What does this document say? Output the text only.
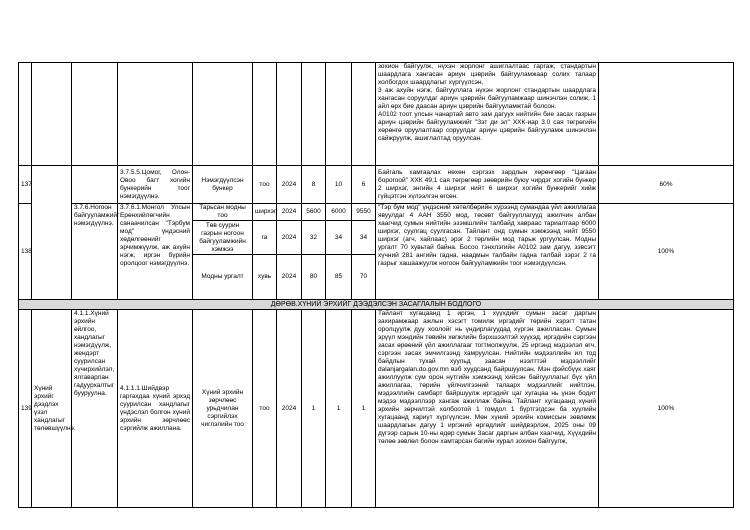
										зохион байгуулж, нүхэн жорлонг ашиглалтаас гаргаж, стандартын шаардлага хангасан ариун цэврийн байгууламжаар солих талаар холбогдох шаардлагыг хүргүүлсэн.
3 аж ахуйн нэгж, байгууллага нүхэн жорлонг стандартын шаардлага хангасан соруулдаг ариун цэврийн байгууламжаар шинэчлэн солиж, 1 айл өрх бие даасан ариун цэврийн байгууламжтай болсон.
А0102 тоот улсын чанартай авто зам дагуух нийтийн бие засах газрын ариун цэврийн байгууламжийг "Зэт ди эл" ХХК-иар 3.0 сая төгрөгийн хөрөнгө оруулалтаар соруулдаг ариун цэврийн байгууламж шинэчлэн сайжруулж, ашиглалтад оруулсан.	
137			3.7.5.5.Цомог, Олон-Овоо багт хогийн бункерийн тоог нэмэгдүүлнэ.	Нэмэгдүүлсэн бункер	тоо	2024	8	10	6	Байгаль хамгаалах нөхөн сэргээх зардлын хөрөнгөөр "Цагаан борогоой" ХХК 49,1 сая төгрөгөөр зөөврийн буюу чирдэг хогийн бункер 2 ширхэг, энгийн 4 ширхэг нийт 6 ширхэг хогийн бункерийг хийж гүйцэтгэн хүлээлгэн өгсөн.	60%
138		3.7.6.Ногоон байгууламжийг нэмэгдүүлнэ.	3.7.6.1.Монгол Улсын Ерөнхийлөгчийн санаачилсан "Тэрбум мод" үндэсний хөдөлгөөнийг эрчимжүүлж, аж ахуйн нэгж, иргэн бүрийн оролцоог нэмэгдүүлнэ.	Тарьсан модны тоо	ширхэг	2024	5600	6000	9550	"Тэр бум мод" үндэсний хөтөлбөрийн хүрээнд сумандаа үйл ажиллагаа явуулдаг 4 ААН 3550 мод, төсөвт байгууллагууд ажилчин албан хаагчид сумын нийтийн эзэмшлийн талбайд хавраас тариалтаар 6000 ширхэг, суулгац суулгасан. Тайлант онд сумын хэмжээнд нийт 9550 ширхэг (агч, хайлаас) эрэг 2 төрлийн мод тарьж ургуулсан. Модны ургалт 70 хувьтай байна. Босоо тэнхлэгийн А0102 зам дагуу, зэвсэгт хүчний 281 ангийн гадна, наадмын талбайн гадна талбай зэрэг 2 га газрыг хашаажуулж ногоон байгууламжийн тоог нэмэгдүүлсэн.	100%
				Төв суурин газрын ногоон байгууламжийн хэмжээ	га	2024	32	34	34		
				Модны ургалт	хувь	2024	80	85	70		
ДӨРӨВ.ХҮНИЙ ЭРХИЙГ ДЭЭДЭЛСЭН ЗАСАГЛАЛЫН БОДЛОГО											
139	Хүний эрхийг дээдлэх үзэл хандлагыг төлөвшүүлнэ.	4.1.1.Хүний эрхийн өйлгоо, хандлагыг нэмэгдүүлж, жендэрт суурилсан хүчирхийлэл, ялгаварлан гадуурхалтыг бууруулна.	4.1.1.1.Шийдвэр гаргахдаа хүний эрхэд суурилсан хандлагыг үндэслэл болгон хүний эрхийн зөрчлөөс сэргийлж ажиллана.	Хүний эрхийн зөрчлөөс урьдчилан сэргийлэх чиглэлийн тоо	тоо	2024	1	1	1	Тайлант хугацаанд 1 иргэн, 1 хүүхдийг сумын засаг даргын захирамжаар ажлын хэсэгт томилж иргэдийг төрийн хэрэгт татан оролцуулж дуу хоолойг нь үндирлагуудад хүргэн ажилласан. Сумын эрүүл мэндийн төвийн хөгжлийн бэрхшээлтэй хүүхэд, иргэдийн сэргээн засах өрөөний үйл ажиллагааг тогтмолжуулж, 25 иргэнд мэдээлэл өгч, сэргээн засах эмчилгээнд хамруулсан. Нийтийн мэдээллийн ил тод байдлын тухай хуульд заасан нээлттэй мэдээллийг dalanjargalan.do.gov.mn вэб хуудсанд байршуулсан. Мэн фэйсбүүк хаяг ажиллуулж сум орон нутгийн хэмжээнд хийсэн байгууллагыг бүх үйл ажиллагаа, төрийн үйлчилгээний талаарх мэдээллийг нийтлэн, мэдээллийн самбарт байршуулж иргэдийг цаг хугацаа нь үнэн бодит мэдээ мэдээллээр хангаж ажиллаж байна. Тайлант хугацаанд хүний эрхийн зөрчилтэй холбоотой 1 гомдол 1 бүртгэгдсэн ба хуулийн хугацаанд хариут хүргүүлсэн. Мөн хүний эрхийн комиссын зөвлөмж шаардлагын дагуу 1 иргэний өргөдлийг шийдвэрлэж, 2025 оны 09 дүгээр сарын 10-ны өдөр сумын Засаг даргын албан хаагчид, Хүүхдийн төлөө зөвлөл болон хамтарсан багийн хурал зохион байгуулж,	100%
